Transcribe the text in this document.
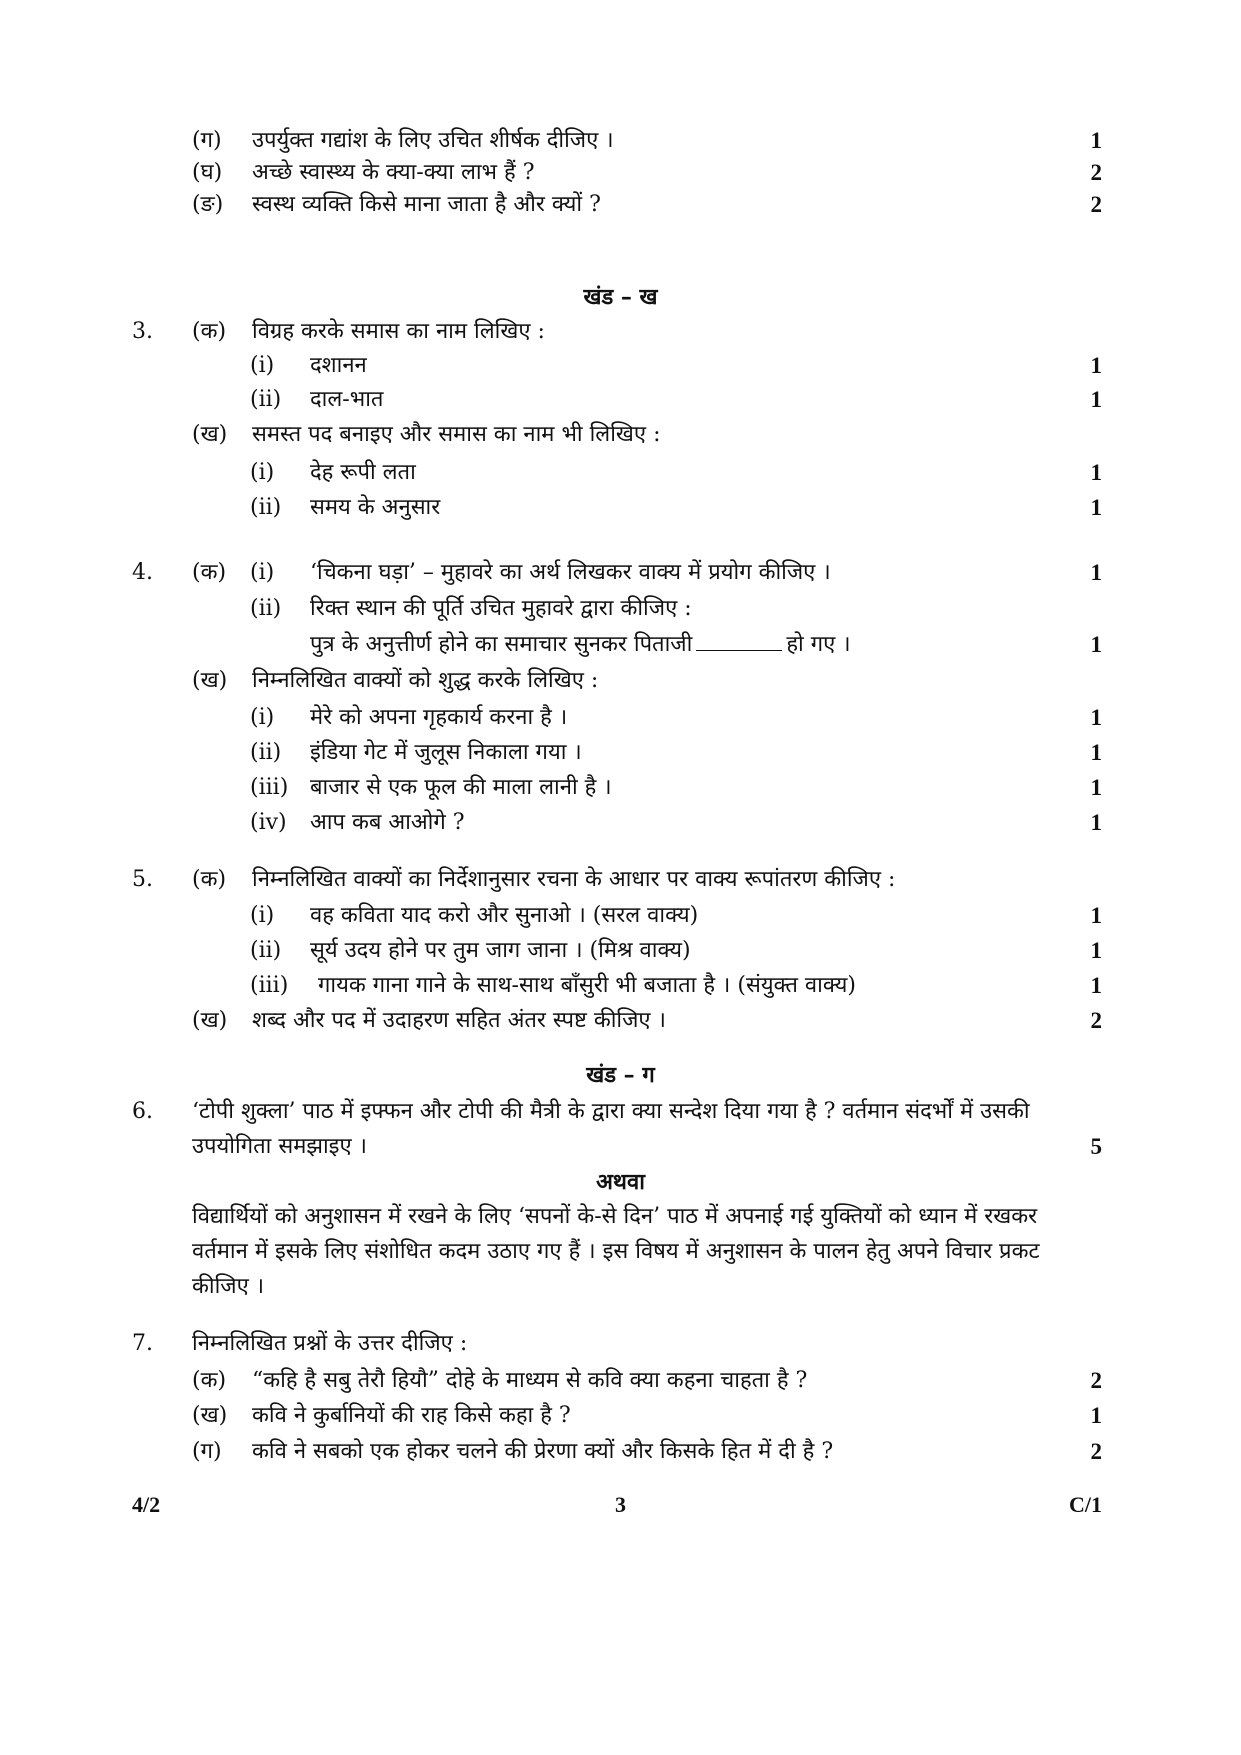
(ग) उपर्युक्त गद्यांश के लिए उचित शीर्षक दीजिए ।	1
(घ) अच्छे स्वास्थ्य के क्या-क्या लाभ हैं ?	2
(ङ) स्वस्थ व्यक्ति किसे माना जाता है और क्यों ?	2
खंड – ख
3. (क) विग्रह करके समास का नाम लिखिए :
(i) दशानन	1
(ii) दाल-भात	1
(ख) समस्त पद बनाइए और समास का नाम भी लिखिए :
(i) देह रूपी लता	1
(ii) समय के अनुसार	1
4. (क) (i) ‘चिकना घड़ा’ – मुहावरे का अर्थ लिखकर वाक्य में प्रयोग कीजिए ।	1
(ii) रिक्त स्थान की पूर्ति उचित मुहावरे द्वारा कीजिए :
पुत्र के अनुत्तीर्ण होने का समाचार सुनकर पिताजी	हो गए ।	1
(ख) निम्नलिखित वाक्यों को शुद्ध करके लिखिए :
(i) मेरे को अपना गृहकार्य करना है ।	1
(ii) इंडिया गेट में जुलूस निकाला गया ।	1
(iii) बाजार से एक फूल की माला लानी है ।	1
(iv) आप कब आओगे ?	1
5. (क) निम्नलिखित वाक्यों का निर्देशानुसार रचना के आधार पर वाक्य रूपांतरण कीजिए :
(i) वह कविता याद करो और सुनाओ । (सरल वाक्य)	1
(ii) सूर्य उदय होने पर तुम जाग जाना । (मिश्र वाक्य)	1
(iii) गायक गाना गाने के साथ-साथ बाँसुरी भी बजाता है । (संयुक्त वाक्य)	1
(ख) शब्द और पद में उदाहरण सहित अंतर स्पष्ट कीजिए ।	2
खंड – ग
6. ‘टोपी शुक्ला’ पाठ में इफ्फन और टोपी की मैत्री के द्वारा क्या सन्देश दिया गया है ? वर्तमान संदर्भों में उसकी
उपयोगिता समझाइए ।	5
अथवा
विद्यार्थियों को अनुशासन में रखने के लिए ‘सपनों के-से दिन’ पाठ में अपनाई गई युक्तियों को ध्यान में रखकर
वर्तमान में इसके लिए संशोधित कदम उठाए गए हैं । इस विषय में अनुशासन के पालन हेतु अपने विचार प्रकट
कीजिए ।
7. निम्नलिखित प्रश्नों के उत्तर दीजिए :
(क) “कहि है सबु तेरौ हियौ” दोहे के माध्यम से कवि क्या कहना चाहता है ?	2
(ख) कवि ने कुर्बानियों की राह किसे कहा है ?	1
(ग) कवि ने सबको एक होकर चलने की प्रेरणा क्यों और किसके हित में दी है ?	2
4/2	3	C/1
